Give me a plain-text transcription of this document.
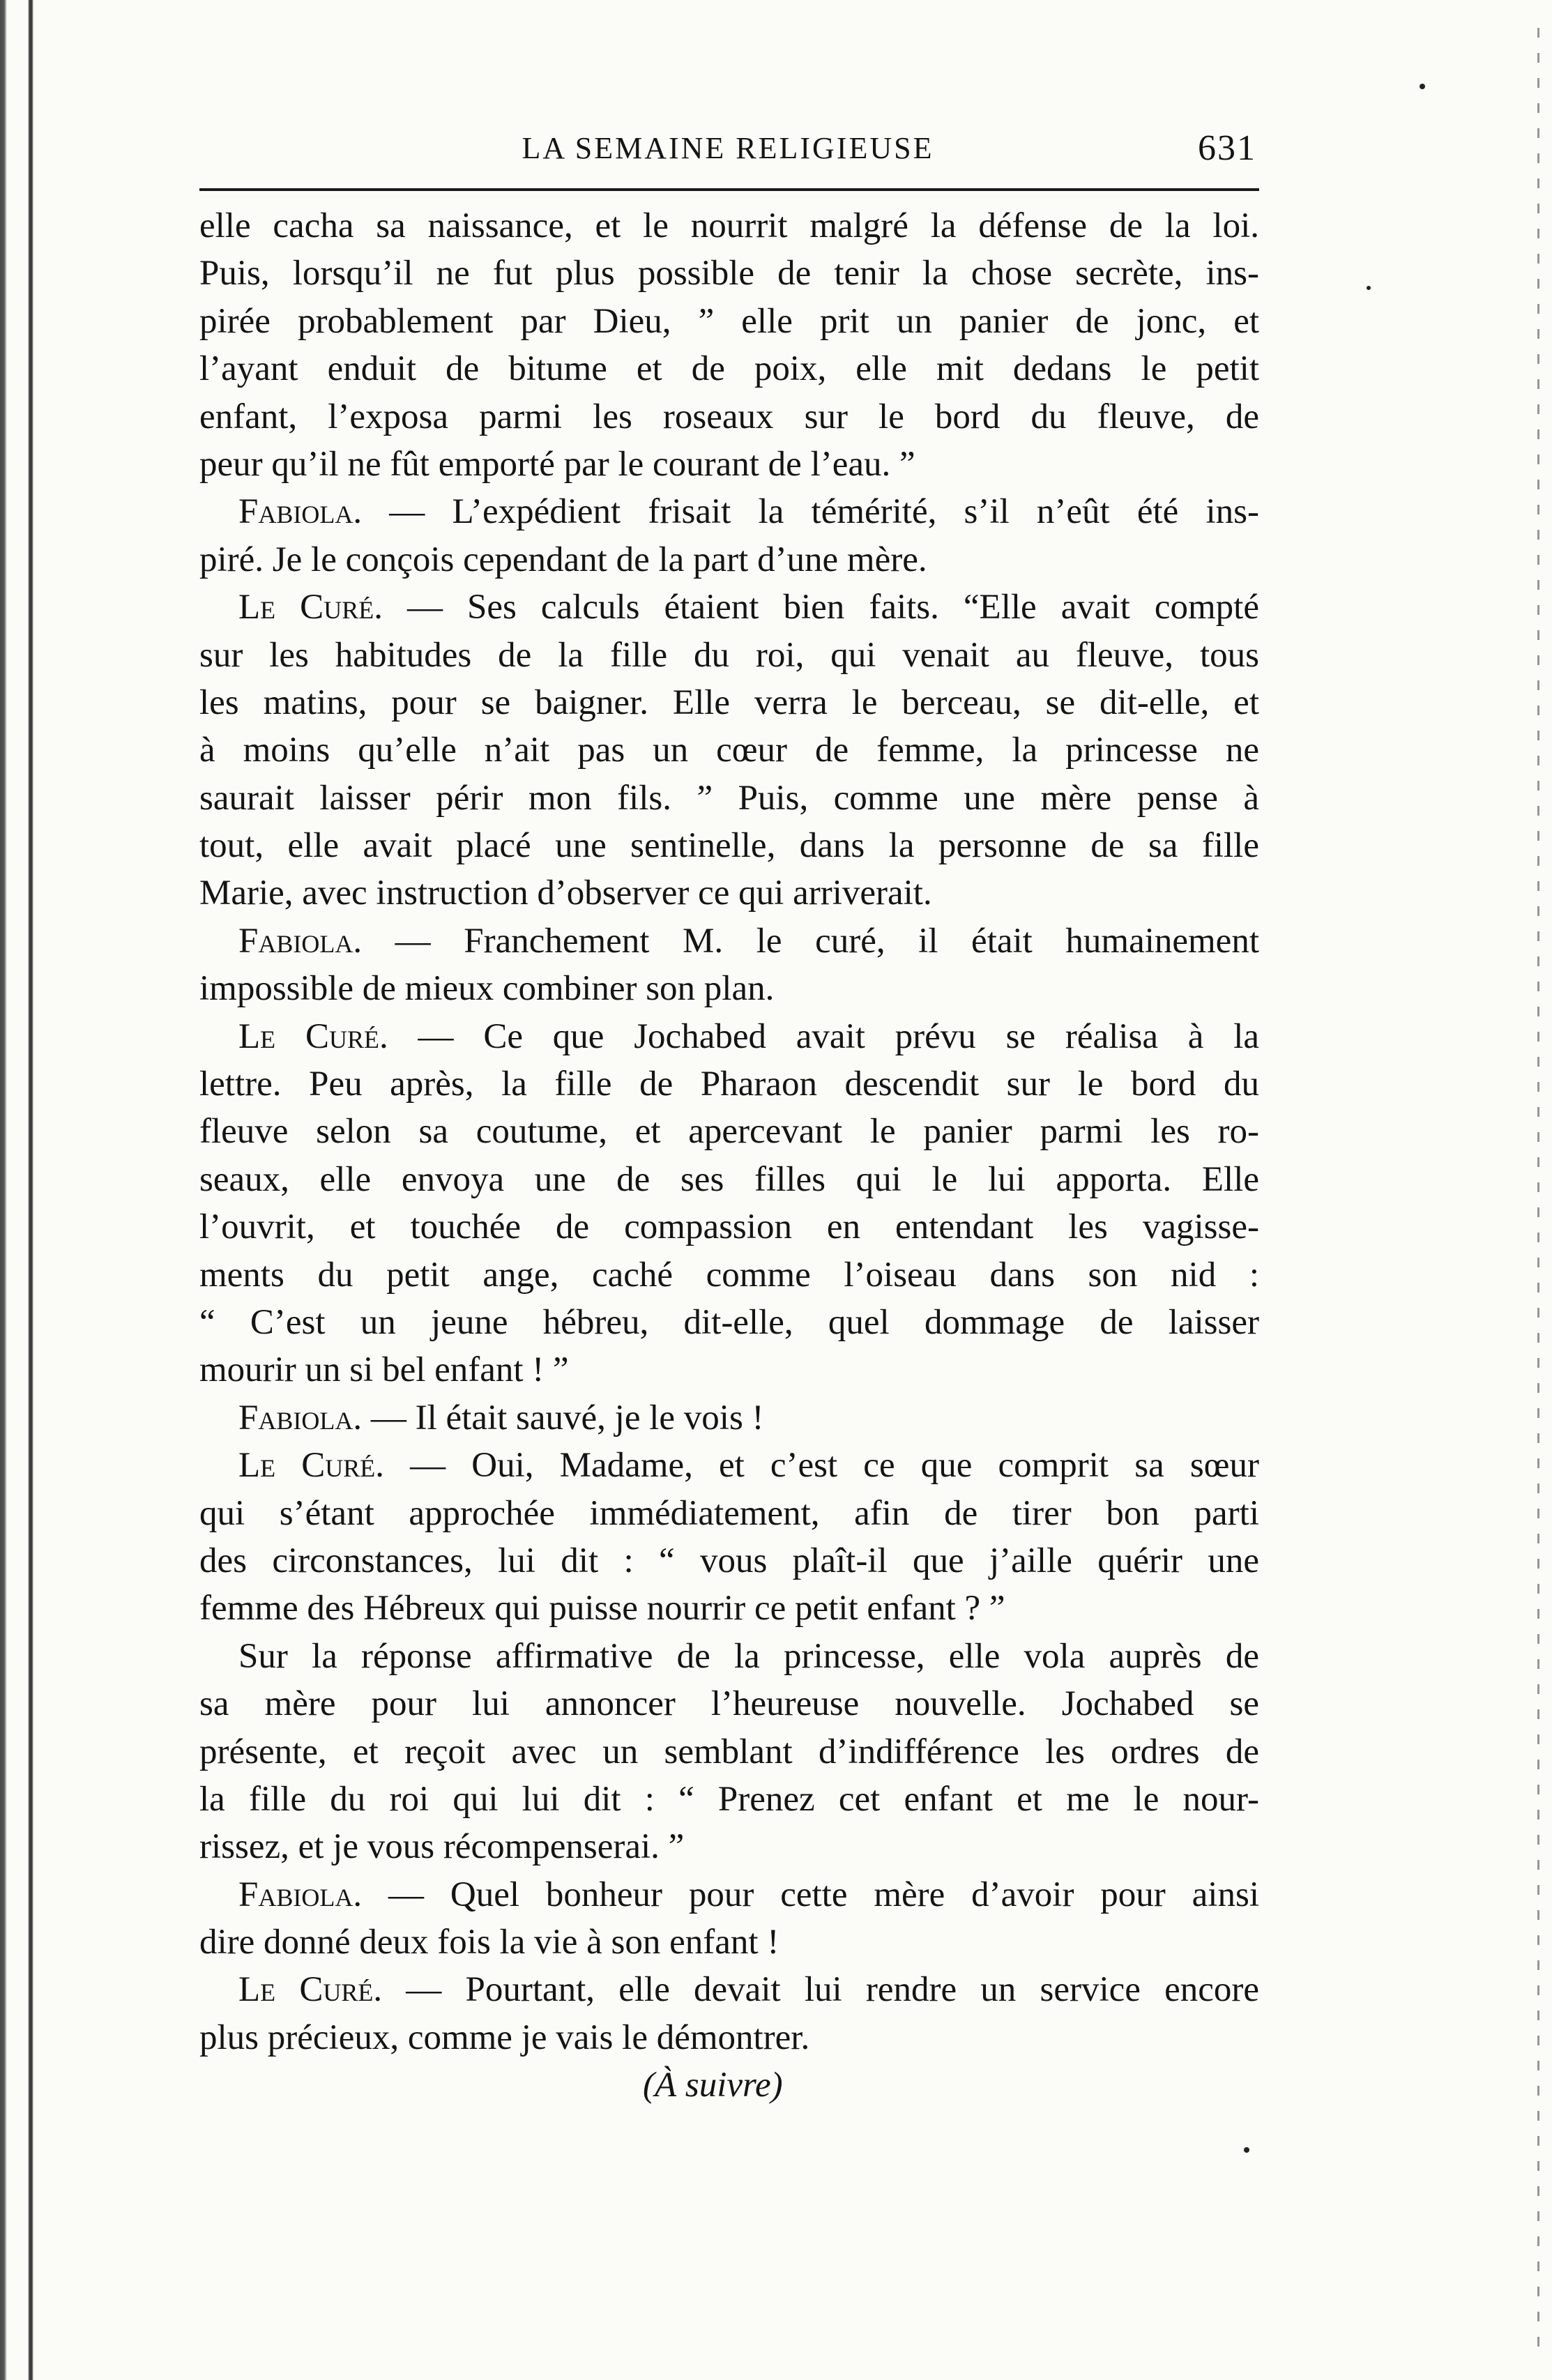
LA SEMAINE RELIGIEUSE	631
elle cacha sa naissance, et le nourrit malgré la défense de la loi.
Puis, lorsqu’il ne fut plus possible de tenir la chose secrète, ins-
pirée probablement par Dieu, ” elle prit un panier de jonc, et
l’ayant enduit de bitume et de poix, elle mit dedans le petit
enfant, l’exposa parmi les roseaux sur le bord du fleuve, de
peur qu’il ne fût emporté par le courant de l’eau. ”
Fabiola. — L’expédient frisait la témérité, s’il n’eût été ins-
piré. Je le conçois cependant de la part d’une mère.
Le Curé. — Ses calculs étaient bien faits. “Elle avait compté
sur les habitudes de la fille du roi, qui venait au fleuve, tous
les matins, pour se baigner. Elle verra le berceau, se dit-elle, et
à moins qu’elle n’ait pas un cœur de femme, la princesse ne
saurait laisser périr mon fils. ” Puis, comme une mère pense à
tout, elle avait placé une sentinelle, dans la personne de sa fille
Marie, avec instruction d’observer ce qui arriverait.
Fabiola. — Franchement M. le curé, il était humainement
impossible de mieux combiner son plan.
Le Curé. — Ce que Jochabed avait prévu se réalisa à la
lettre. Peu après, la fille de Pharaon descendit sur le bord du
fleuve selon sa coutume, et apercevant le panier parmi les ro-
seaux, elle envoya une de ses filles qui le lui apporta. Elle
l’ouvrit, et touchée de compassion en entendant les vagisse-
ments du petit ange, caché comme l’oiseau dans son nid :
“ C’est un jeune hébreu, dit-elle, quel dommage de laisser
mourir un si bel enfant ! ”
Fabiola. — Il était sauvé, je le vois !
Le Curé. — Oui, Madame, et c’est ce que comprit sa sœur
qui s’étant approchée immédiatement, afin de tirer bon parti
des circonstances, lui dit : “ vous plaît-il que j’aille quérir une
femme des Hébreux qui puisse nourrir ce petit enfant ? ”
Sur la réponse affirmative de la princesse, elle vola auprès de
sa mère pour lui annoncer l’heureuse nouvelle. Jochabed se
présente, et reçoit avec un semblant d’indifférence les ordres de
la fille du roi qui lui dit : “ Prenez cet enfant et me le nour-
rissez, et je vous récompenserai. ”
Fabiola. — Quel bonheur pour cette mère d’avoir pour ainsi
dire donné deux fois la vie à son enfant !
Le Curé. — Pourtant, elle devait lui rendre un service encore
plus précieux, comme je vais le démontrer.
(À suivre)
